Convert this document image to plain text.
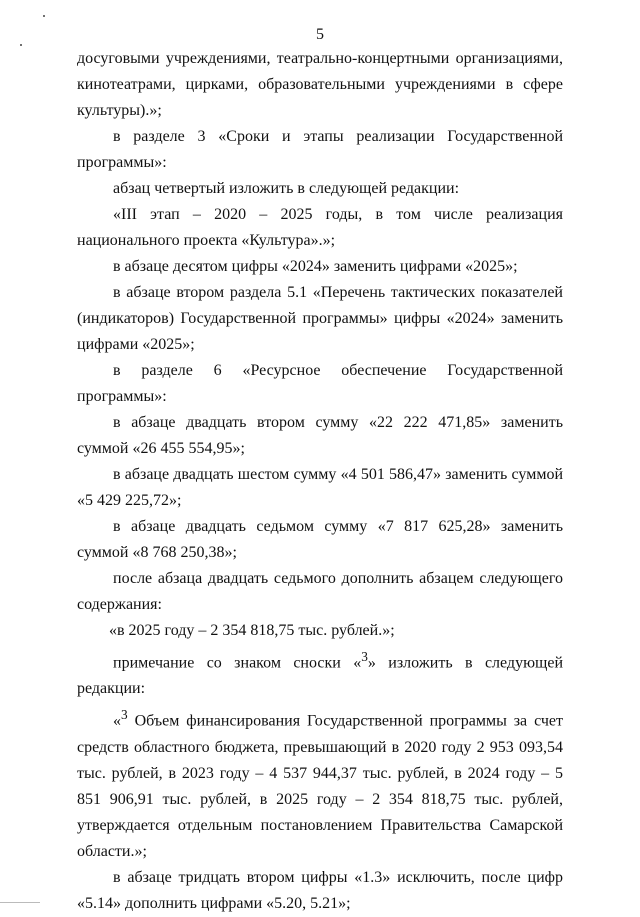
5

досуговыми учреждениями, театрально-концертными организациями, кинотеатрами, цирками, образовательными учреждениями в сфере культуры).»;

в разделе 3 «Сроки и этапы реализации Государственной программы»:

абзац четвертый изложить в следующей редакции:

«III этап – 2020 – 2025 годы, в том числе реализация национального проекта «Культура».»;

в абзаце десятом цифры «2024» заменить цифрами «2025»;

в абзаце втором раздела 5.1 «Перечень тактических показателей (индикаторов) Государственной программы» цифры «2024» заменить цифрами «2025»;

в разделе 6 «Ресурсное обеспечение Государственной программы»:

в абзаце двадцать втором сумму «22 222 471,85» заменить суммой «26 455 554,95»;

в абзаце двадцать шестом сумму «4 501 586,47» заменить суммой «5 429 225,72»;

в абзаце двадцать седьмом сумму «7 817 625,28» заменить суммой «8 768 250,38»;

после абзаца двадцать седьмого дополнить абзацем следующего содержания:

«в 2025 году – 2 354 818,75 тыс. рублей.»;

примечание со знаком сноски «$^3$» изложить в следующей редакции:

«$^3$ Объем финансирования Государственной программы за счет средств областного бюджета, превышающий в 2020 году 2 953 093,54 тыс. рублей, в 2023 году – 4 537 944,37 тыс. рублей, в 2024 году – 5 851 906,91 тыс. рублей, в 2025 году – 2 354 818,75 тыс. рублей, утверждается отдельным постановлением Правительства Самарской области.»;

в абзаце тридцать втором цифры «1.3» исключить, после цифр «5.14» дополнить цифрами «5.20, 5.21»;
